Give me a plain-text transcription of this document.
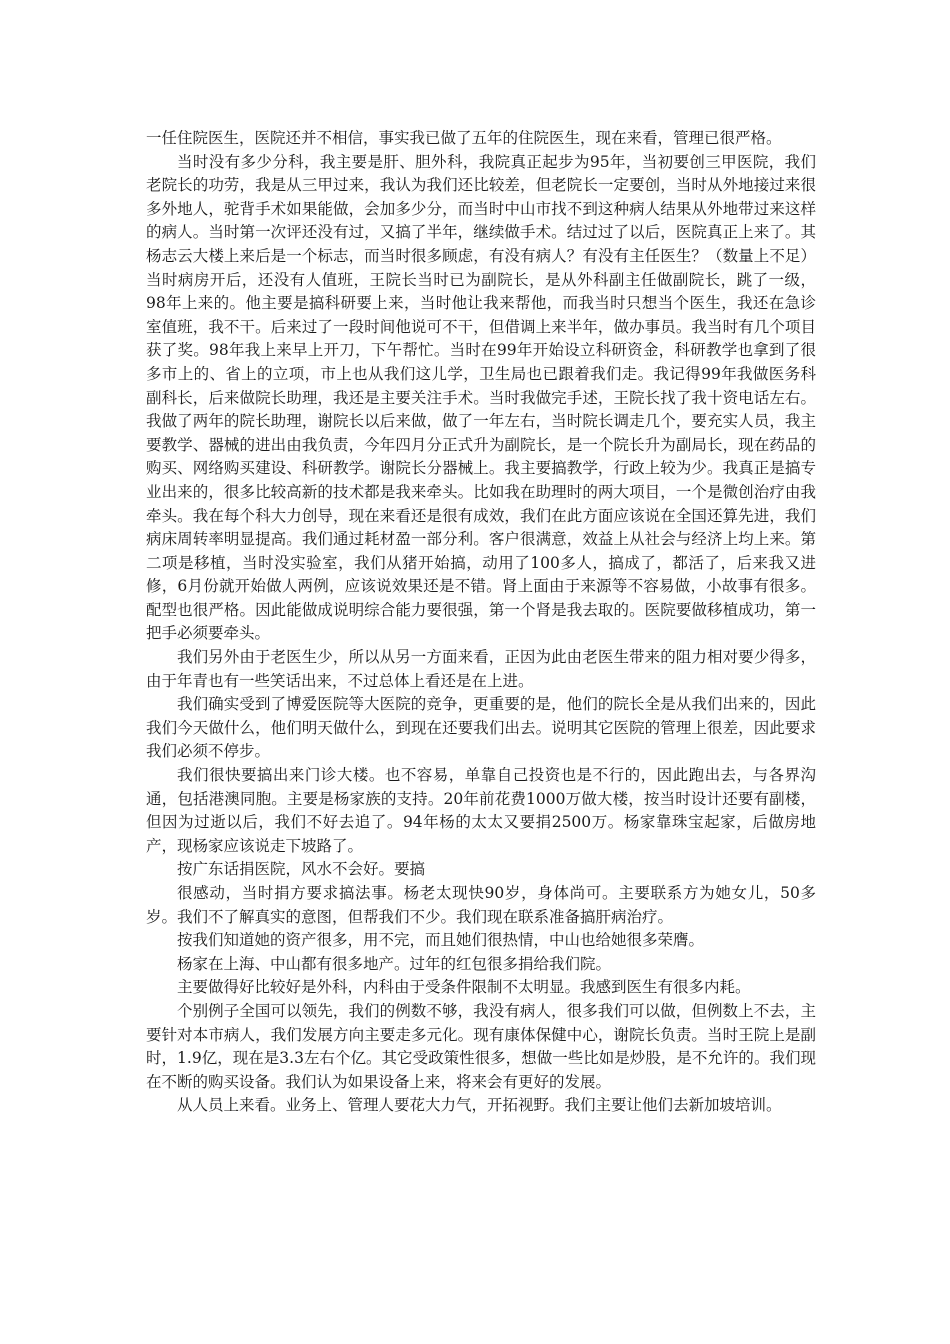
一任住院医生，医院还并不相信，事实我已做了五年的住院医生，现在来看，管理已很严格。

当时没有多少分科，我主要是肝、胆外科，我院真正起步为95年，当初要创三甲医院，我们老院长的功劳，我是从三甲过来，我认为我们还比较差，但老院长一定要创，当时从外地接过来很多外地人，驼背手术如果能做，会加多少分，而当时中山市找不到这种病人结果从外地带过来这样的病人。当时第一次评还没有过，又搞了半年，继续做手术。结过过了以后，医院真正上来了。其杨志云大楼上来后是一个标志，而当时很多顾虑，有没有病人？有没有主任医生？（数量上不足）当时病房开后，还没有人值班，王院长当时已为副院长，是从外科副主任做副院长，跳了一级，98年上来的。他主要是搞科研要上来，当时他让我来帮他，而我当时只想当个医生，我还在急诊室值班，我不干。后来过了一段时间他说可不干，但借调上来半年，做办事员。我当时有几个项目获了奖。98年我上来早上开刀，下午帮忙。当时在99年开始设立科研资金，科研教学也拿到了很多市上的、省上的立项，市上也从我们这儿学，卫生局也已跟着我们走。我记得99年我做医务科副科长，后来做院长助理，我还是主要关注手术。当时我做完手述，王院长找了我十资电话左右。我做了两年的院长助理，谢院长以后来做，做了一年左右，当时院长调走几个，要充实人员，我主要教学、器械的进出由我负责，今年四月分正式升为副院长，是一个院长升为副局长，现在药品的购买、网络购买建设、科研教学。谢院长分器械上。我主要搞教学，行政上较为少。我真正是搞专业出来的，很多比较高新的技术都是我来牵头。比如我在助理时的两大项目，一个是微创治疗由我牵头。我在每个科大力创导，现在来看还是很有成效，我们在此方面应该说在全国还算先进，我们病床周转率明显提高。我们通过耗材盈一部分利。客户很满意，效益上从社会与经济上均上来。第二项是移植，当时没实验室，我们从猪开始搞，动用了100多人，搞成了，都活了，后来我又进修，6月份就开始做人两例，应该说效果还是不错。肾上面由于来源等不容易做，小故事有很多。配型也很严格。因此能做成说明综合能力要很强，第一个肾是我去取的。医院要做移植成功，第一把手必须要牵头。

我们另外由于老医生少，所以从另一方面来看，正因为此由老医生带来的阻力相对要少得多，由于年青也有一些笑话出来，不过总体上看还是在上进。

我们确实受到了博爱医院等大医院的竞争，更重要的是，他们的院长全是从我们出来的，因此我们今天做什么，他们明天做什么，到现在还要我们出去。说明其它医院的管理上很差，因此要求我们必须不停步。

我们很快要搞出来门诊大楼。也不容易，单靠自己投资也是不行的，因此跑出去，与各界沟通，包括港澳同胞。主要是杨家族的支持。20年前花费1000万做大楼，按当时设计还要有副楼，但因为过逝以后，我们不好去追了。94年杨的太太又要捐2500万。杨家靠珠宝起家，后做房地产，现杨家应该说走下坡路了。

按广东话捐医院，风水不会好。要搞

很感动，当时捐方要求搞法事。杨老太现快90岁，身体尚可。主要联系方为她女儿，50多岁。我们不了解真实的意图，但帮我们不少。我们现在联系准备搞肝病治疗。

按我们知道她的资产很多，用不完，而且她们很热情，中山也给她很多荣膺。

杨家在上海、中山都有很多地产。过年的红包很多捐给我们院。

主要做得好比较好是外科，内科由于受条件限制不太明显。我感到医生有很多内耗。

个别例子全国可以领先，我们的例数不够，我没有病人，很多我们可以做，但例数上不去，主要针对本市病人，我们发展方向主要走多元化。现有康体保健中心，谢院长负责。当时王院上是副时，1.9亿，现在是3.3左右个亿。其它受政策性很多，想做一些比如是炒股，是不允许的。我们现在不断的购买设备。我们认为如果设备上来，将来会有更好的发展。

从人员上来看。业务上、管理人要花大力气，开拓视野。我们主要让他们去新加坡培训。
